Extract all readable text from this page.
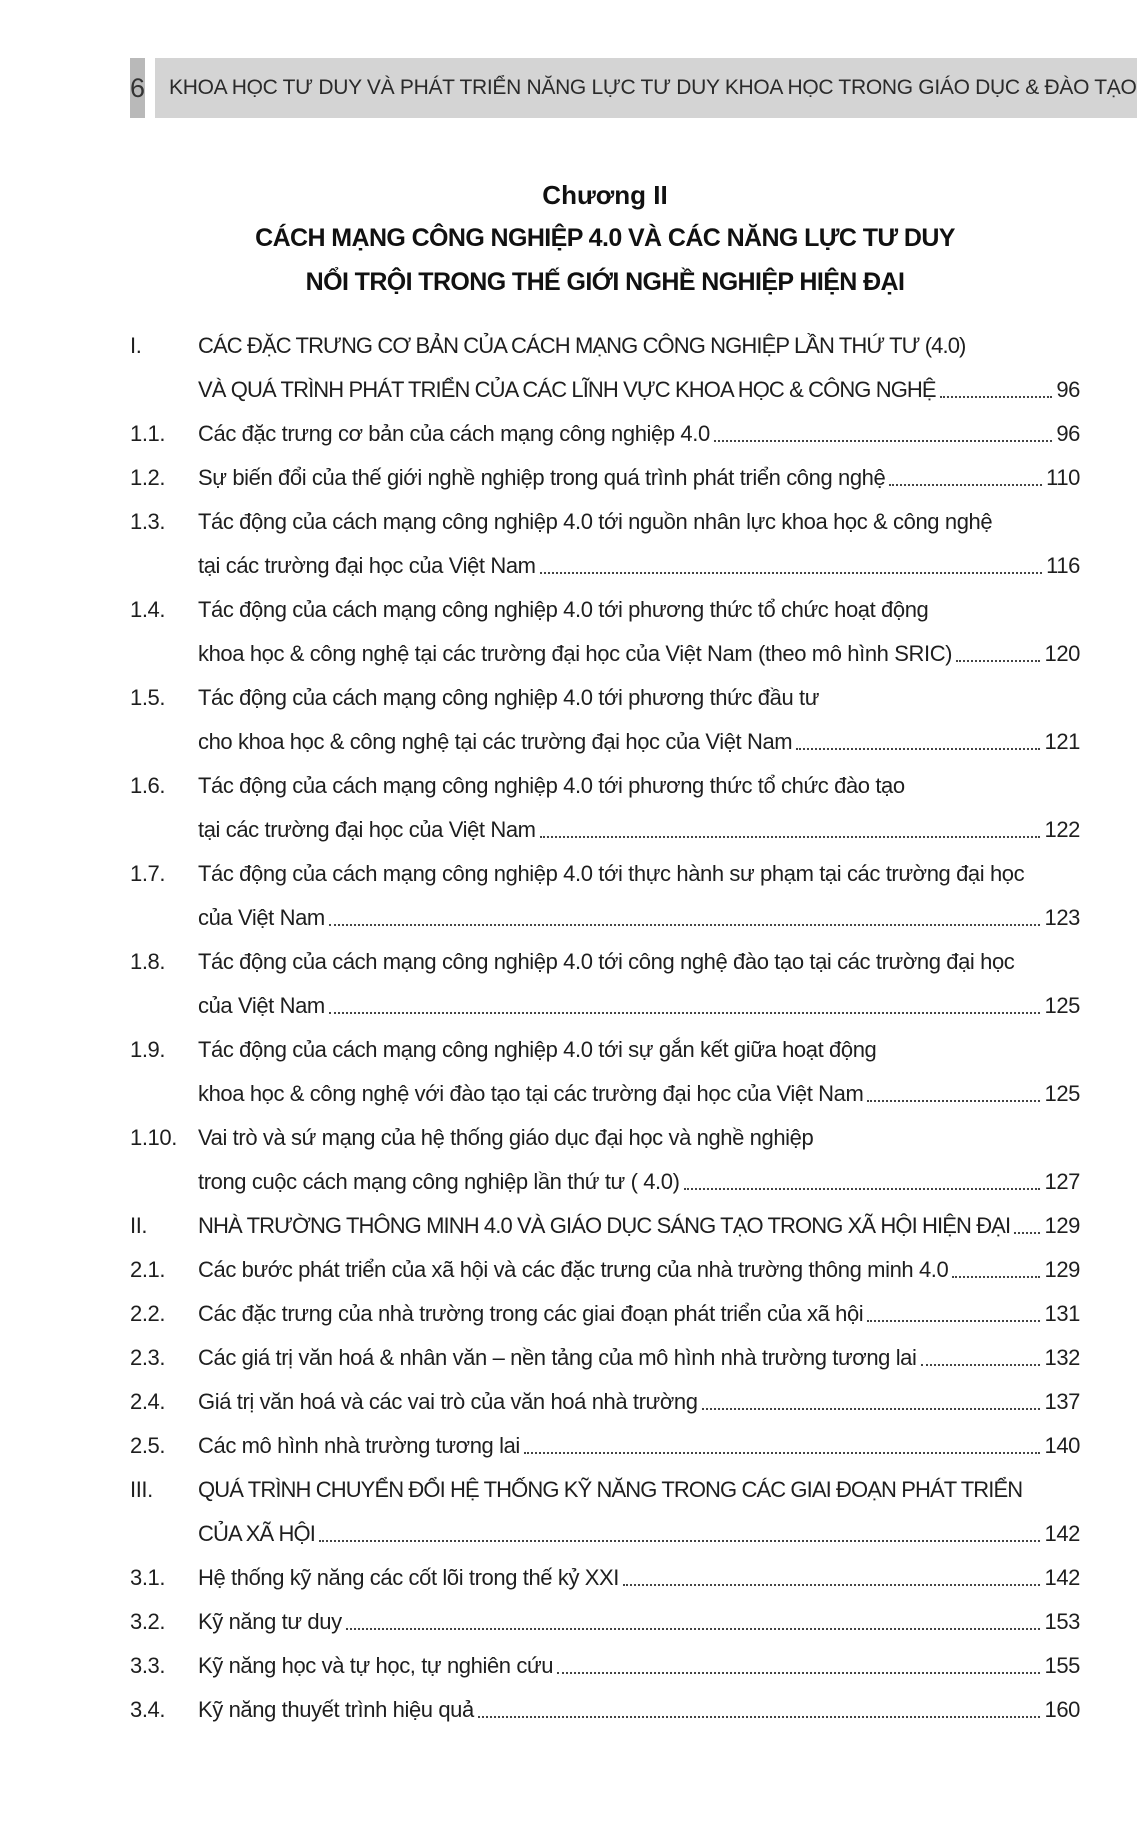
6	KHOA HỌC TƯ DUY VÀ PHÁT TRIỂN NĂNG LỰC TƯ DUY KHOA HỌC TRONG GIÁO DỤC & ĐÀO TẠO
Chương II
CÁCH MẠNG CÔNG NGHIỆP 4.0 VÀ CÁC NĂNG LỰC TƯ DUY
NỔI TRỘI TRONG THẾ GIỚI NGHỀ NGHIỆP HIỆN ĐẠI
I.	CÁC ĐẶC TRƯNG CƠ BẢN CỦA CÁCH MẠNG CÔNG NGHIỆP LẦN THỨ TƯ (4.0)
VÀ QUÁ TRÌNH PHÁT TRIỂN CỦA CÁC LĨNH VỰC KHOA HỌC & CÔNG NGHỆ	96
1.1. Các đặc trưng cơ bản của cách mạng công nghiệp 4.0	96
1.2. Sự biến đổi của thế giới nghề nghiệp trong quá trình phát triển công nghệ	110
1.3. Tác động của cách mạng công nghiệp 4.0 tới nguồn nhân lực khoa học & công nghệ
tại các trường đại học của Việt Nam	116
1.4. Tác động của cách mạng công nghiệp 4.0 tới phương thức tổ chức hoạt động
khoa học & công nghệ tại các trường đại học của Việt Nam (theo mô hình SRIC)	120
1.5. Tác động của cách mạng công nghiệp 4.0 tới phương thức đầu tư
cho khoa học & công nghệ tại các trường đại học của Việt Nam	121
1.6. Tác động của cách mạng công nghiệp 4.0 tới phương thức tổ chức đào tạo
tại các trường đại học của Việt Nam	122
1.7. Tác động của cách mạng công nghiệp 4.0 tới thực hành sư phạm tại các trường đại học
của Việt Nam	123
1.8. Tác động của cách mạng công nghiệp 4.0 tới công nghệ đào tạo tại các trường đại học
của Việt Nam	125
1.9. Tác động của cách mạng công nghiệp 4.0 tới sự gắn kết giữa hoạt động
khoa học & công nghệ với đào tạo tại các trường đại học của Việt Nam	125
1.10. Vai trò và sứ mạng của hệ thống giáo dục đại học và nghề nghiệp
trong cuộc cách mạng công nghiệp lần thứ tư ( 4.0)	127
II. NHÀ TRƯỜNG THÔNG MINH 4.0 VÀ GIÁO DỤC SÁNG TẠO TRONG XÃ HỘI HIỆN ĐẠI 129
2.1. Các bước phát triển của xã hội và các đặc trưng của nhà trường thông minh 4.0	129
2.2. Các đặc trưng của nhà trường trong các giai đoạn phát triển của xã hội	131
2.3. Các giá trị văn hoá & nhân văn – nền tảng của mô hình nhà trường tương lai	132
2.4. Giá trị văn hoá và các vai trò của văn hoá nhà trường	137
2.5. Các mô hình nhà trường tương lai	140
III. QUÁ TRÌNH CHUYỂN ĐỔI HỆ THỐNG KỸ NĂNG TRONG CÁC GIAI ĐOẠN PHÁT TRIỂN
CỦA XÃ HỘI	142
3.1. Hệ thống kỹ năng các cốt lõi trong thế kỷ XXI	142
3.2. Kỹ năng tư duy	153
3.3. Kỹ năng học và tự học, tự nghiên cứu	155
3.4. Kỹ năng thuyết trình hiệu quả	160
